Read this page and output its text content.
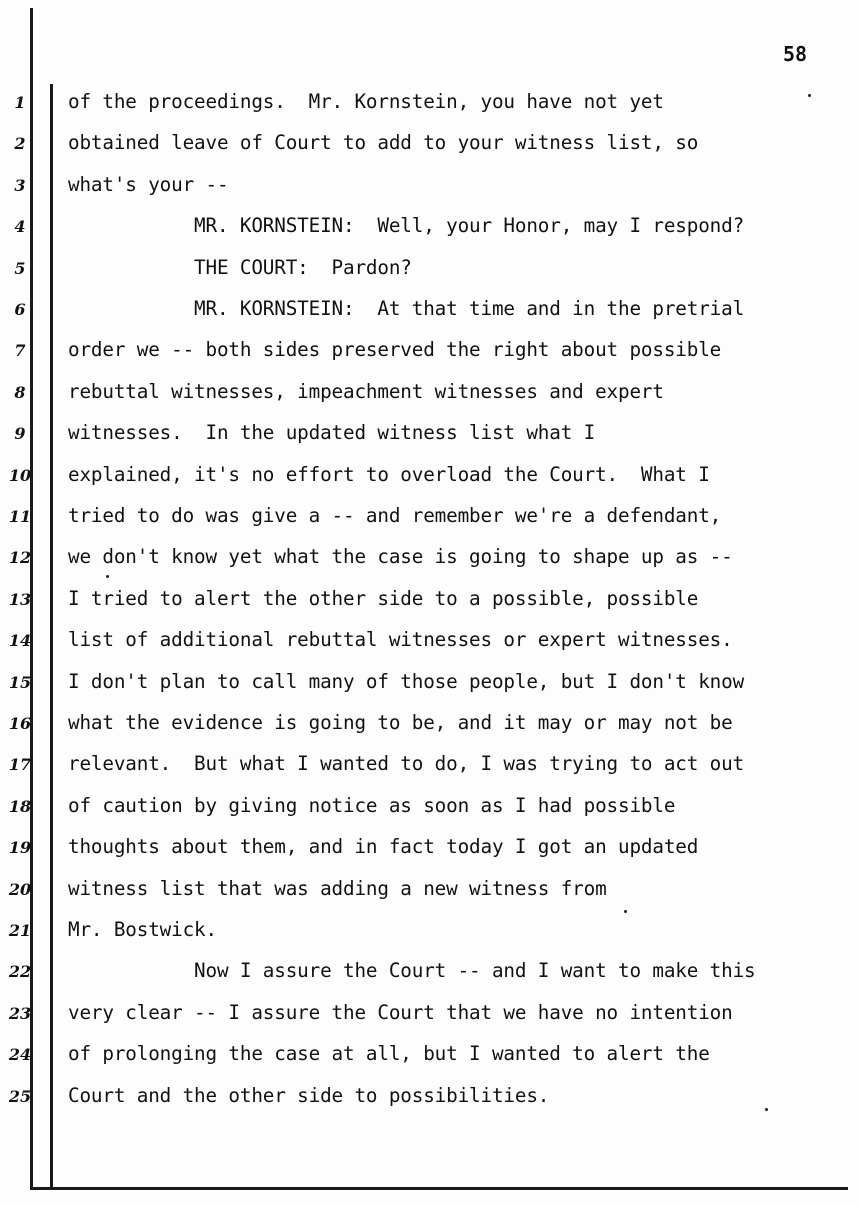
58
1	of the proceedings.  Mr. Kornstein, you have not yet
2	obtained leave of Court to add to your witness list, so
3	what's your --
4	MR. KORNSTEIN:  Well, your Honor, may I respond?
5	THE COURT:  Pardon?
6	MR. KORNSTEIN:  At that time and in the pretrial
7	order we -- both sides preserved the right about possible
8	rebuttal witnesses, impeachment witnesses and expert
9	witnesses.  In the updated witness list what I
10	explained, it's no effort to overload the Court.  What I
11	tried to do was give a -- and remember we're a defendant,
12	we don't know yet what the case is going to shape up as --
13	I tried to alert the other side to a possible, possible
14	list of additional rebuttal witnesses or expert witnesses.
15	I don't plan to call many of those people, but I don't know
16	what the evidence is going to be, and it may or may not be
17	relevant.  But what I wanted to do, I was trying to act out
18	of caution by giving notice as soon as I had possible
19	thoughts about them, and in fact today I got an updated
20	witness list that was adding a new witness from
21	Mr. Bostwick.
22	Now I assure the Court -- and I want to make this
23	very clear -- I assure the Court that we have no intention
24	of prolonging the case at all, but I wanted to alert the
25	Court and the other side to possibilities.
